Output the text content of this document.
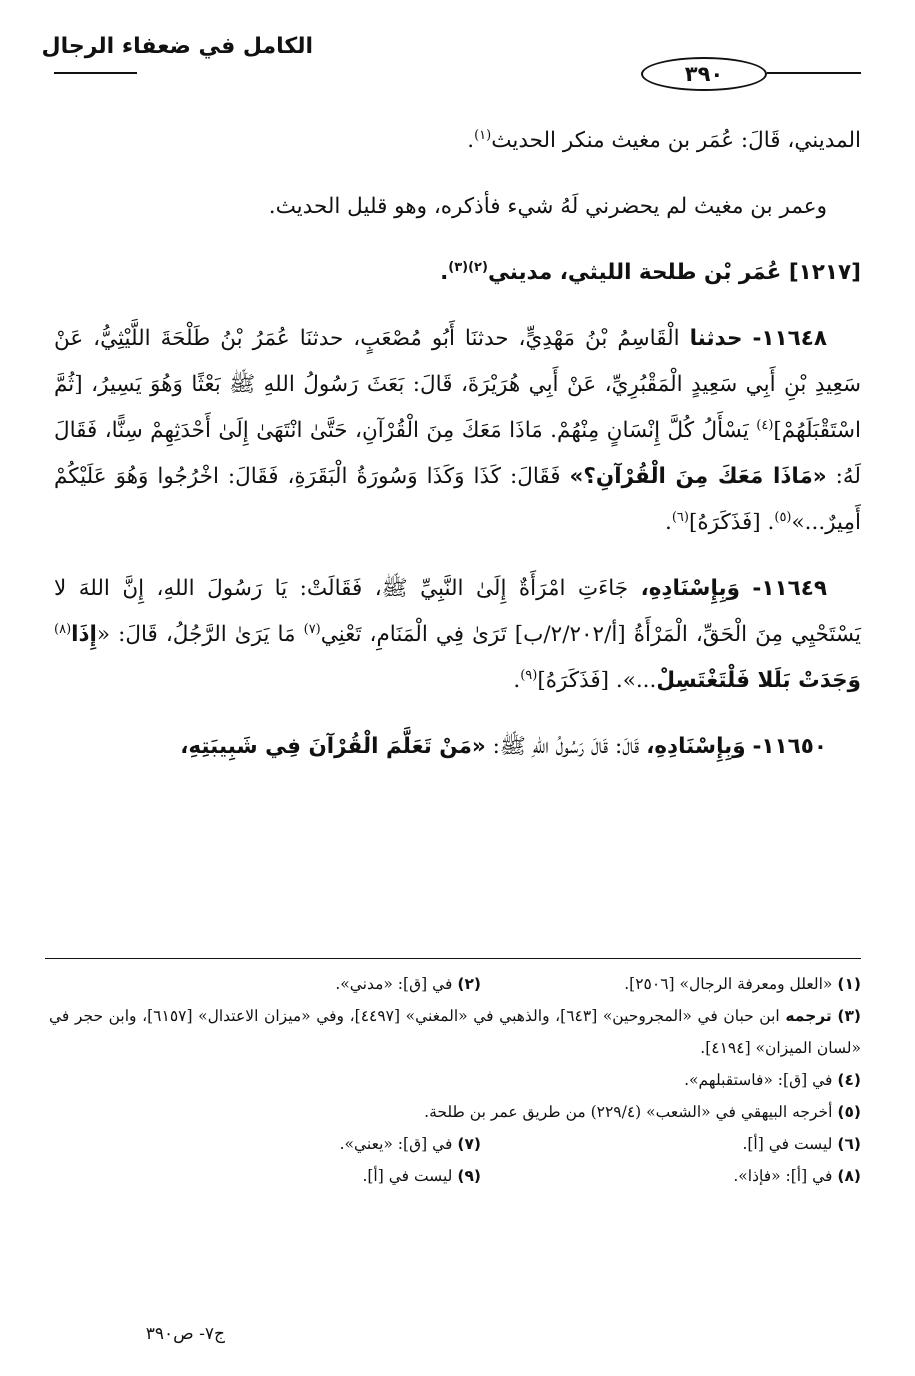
الكامل في ضعفاء الرجال
٣٩٠

المديني، قَالَ: عُمَر بن مغيث منكر الحديث$^{(١)}$.

وعمر بن مغيث لم يحضرني لَهُ شيء فأذكره، وهو قليل الحديث.

[١٢١٧] عُمَر بْن طلحة الليثي، مديني$^{(٢)(٣)}$.

١١٦٤٨- حدثنا الْقَاسِمُ بْنُ مَهْدِيٍّ، حدثنَا أَبُو مُصْعَبٍ، حدثنَا عُمَرُ بْنُ طَلْحَةَ اللَّيْثِيُّ، عَنْ سَعِيدِ بْنِ أَبِي سَعِيدٍ الْمَقْبُرِيِّ، عَنْ أَبِي هُرَيْرَةَ، قَالَ: بَعَثَ رَسُولُ اللهِ ﷺ بَعْثًا وَهُوَ يَسِيرُ، [ثُمَّ اسْتَقْبَلَهُمْ]$^{(٤)}$ يَسْأَلُ كُلَّ إِنْسَانٍ مِنْهُمْ. مَاذَا مَعَكَ مِنَ الْقُرْآنِ، حَتَّىٰ انْتَهَىٰ إِلَىٰ أَحْدَثِهِمْ سِنًّا، فَقَالَ لَهُ: «مَاذَا مَعَكَ مِنَ الْقُرْآنِ؟» فَقَالَ: كَذَا وَكَذَا وَسُورَةُ الْبَقَرَةِ، فَقَالَ: اخْرُجُوا وَهُوَ عَلَيْكُمْ أَمِيرٌ...»$^{(٥)}$. [فَذَكَرَهُ]$^{(٦)}$.

١١٦٤٩- وَبِإِسْنَادِهِ، جَاءَتِ امْرَأَةٌ إِلَىٰ النَّبِيِّ ﷺ، فَقَالَتْ: يَا رَسُولَ اللهِ، إِنَّ اللهَ لا يَسْتَحْيِي مِنَ الْحَقِّ، الْمَرْأَةُ [أ/٢/٢٠٢/ب] تَرَىٰ فِي الْمَنَامِ، تَعْنِي$^{(٧)}$ مَا يَرَىٰ الرَّجُلُ، قَالَ: «إِذَا$^{(٨)}$ وَجَدَتْ بَلَلا فَلْتَغْتَسِلْ...». [فَذَكَرَهُ]$^{(٩)}$.

١١٦٥٠- وَبِإِسْنَادِهِ، قَالَ: قَالَ رَسُولُ اللهِ ﷺ: «مَنْ تَعَلَّمَ الْقُرْآنَ فِي شَبِيبَتِهِ،

(١) «العلل ومعرفة الرجال» [٢٥٠٦].

(٢) في [ق]: «مدني».

(٣) ترجمه ابن حبان في «المجروحين» [٦٤٣]، والذهبي في «المغني» [٤٤٩٧]، وفي «ميزان الاعتدال» [٦١٥٧]، وابن حجر في «لسان الميزان» [٤١٩٤].

(٤) في [ق]: «فاستقبلهم».

(٥) أخرجه البيهقي في «الشعب» (٢٢٩/٤) من طريق عمر بن طلحة.

(٦) ليست في [أ].

(٧) في [ق]: «يعني».

(٨) في [أ]: «فإذا».

(٩) ليست في [أ].

ج٧- ص٣٩٠
